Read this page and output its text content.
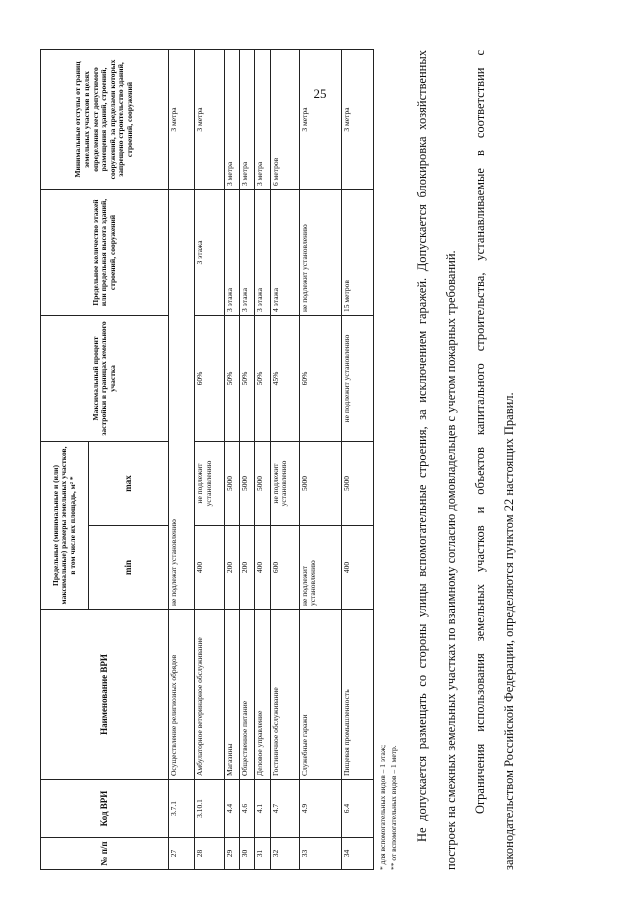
25
№ п/п	Код ВРИ	Наименование ВРИ	Предельные (минимальные и (или) максимальные) размеры земельных участков, в том числе их площадь, м² *		Максимальный процент застройки в границах земельного участка	Предельное количество этажей или предельная высота зданий, строений, сооружений	Минимальные отступы от границ земельных участков в целях определения мест допустимого размещения зданий, строений, сооружений, за пределами которых запрещено строительство зданий, строений, сооружений
			min	max			
27	3.7.1	Осуществление религиозных обрядов	не подлежат установлению				3 метра
28	3.10.1	Амбулаторное ветеринарное обслуживание	400	не подлежит установлению	60%	3 этажа	3 метра
29	4.4	Магазины	200	5000	50%	3 этажа	3 метра
30	4.6	Общественное питание	200	5000	50%	3 этажа	3 метра
31	4.1	Деловое управление	400	5000	50%	3 этажа	3 метра
32	4.7	Гостиничное обслуживание	600	не подлежит установлению	45%	4 этажа	6 метров
33	4.9	Служебные гаражи	не подлежит установлению	5000	60%	не подлежит установлению	3 метра
34	6.4	Пищевая промышленность	400	5000	не подлежит установлению	15 метров	3 метра
* для вспомогательных видов – 1 этаж; ** от вспомогательных видов – 1 метр.	Не допускается размещать со стороны улицы вспомогательные строения, за исключением гаражей. Допускается блокировка хозяйственных построек на смежных земельных участках по взаимному согласию домовладельцев с учетом пожарных требований.	Ограничения использования земельных участков и объектов капитального строительства, устанавливаемые в соответствии с законодательством Российской Федерации, определяются пунктом 22 настоящих Правил.
